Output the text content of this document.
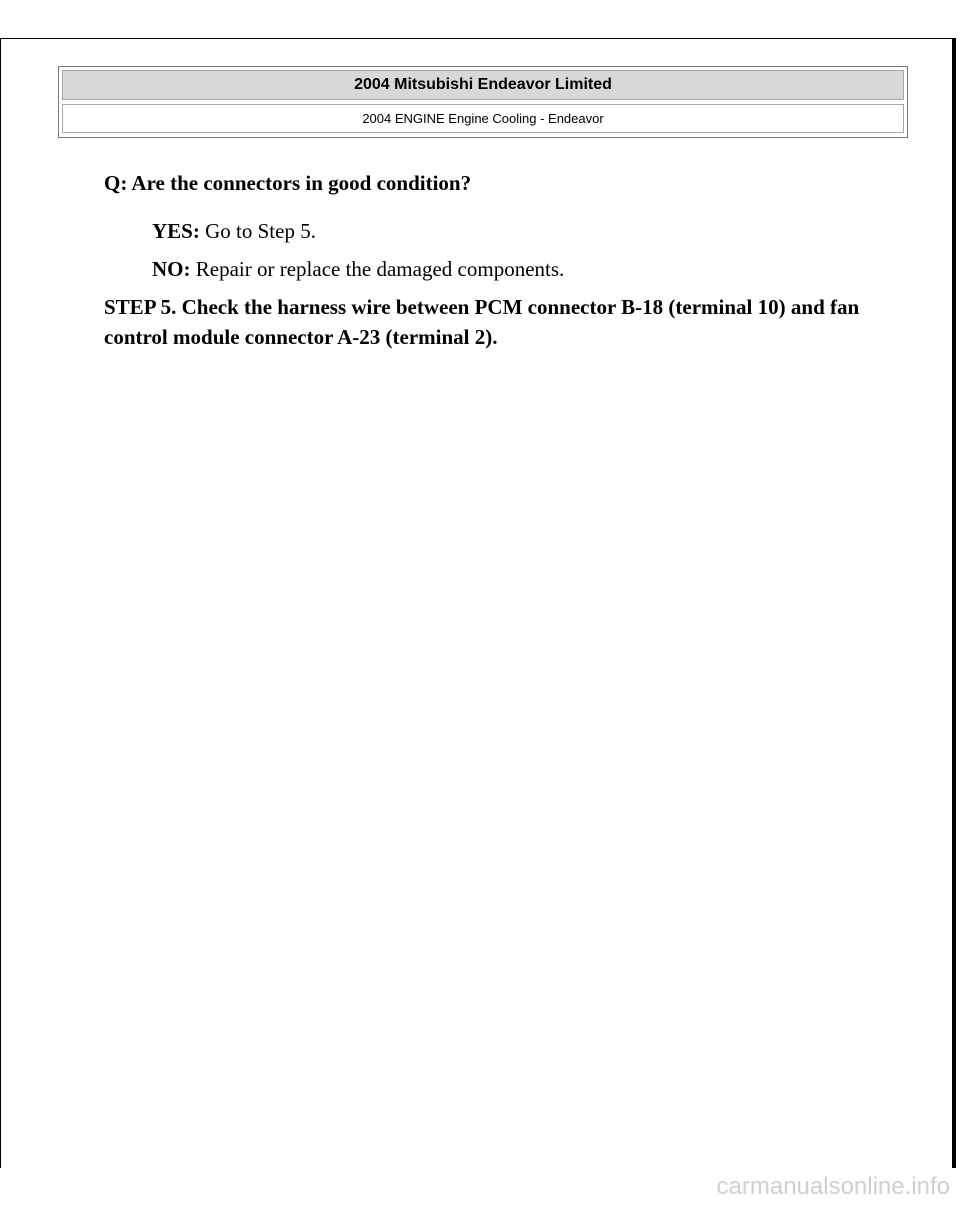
2004 Mitsubishi Endeavor Limited
2004 ENGINE Engine Cooling - Endeavor

Q: Are the connectors in good condition?

YES: Go to Step 5.

NO: Repair or replace the damaged components.

STEP 5. Check the harness wire between PCM connector B-18 (terminal 10) and fan control module connector A-23 (terminal 2).

carmanualsonline.info
